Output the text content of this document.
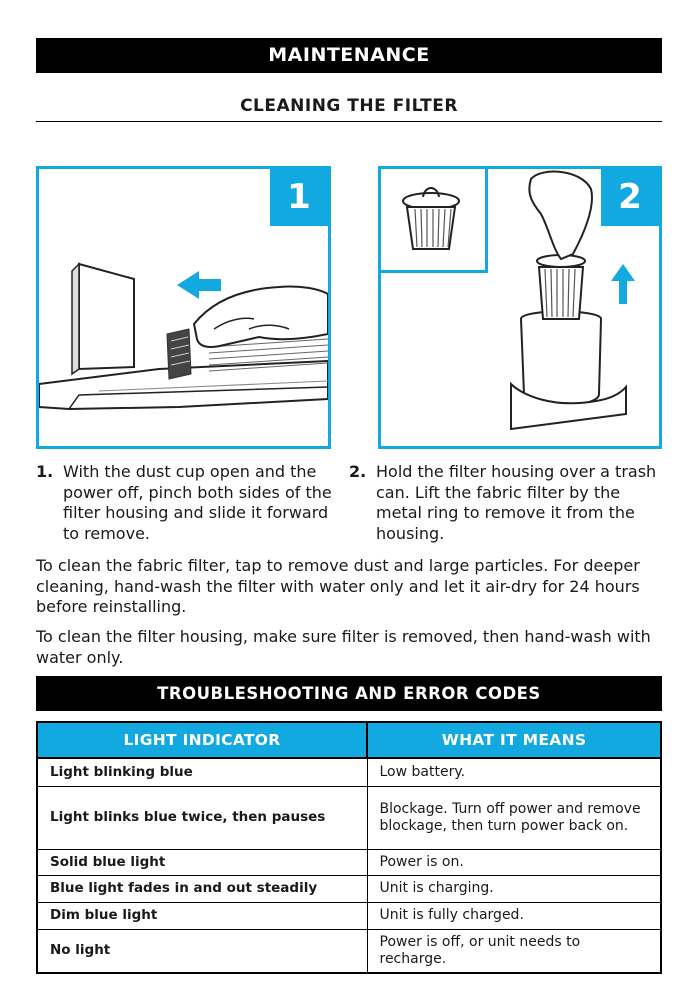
MAINTENANCE
CLEANING THE FILTER
1	2
1. With the dust cup open and the power off, pinch both sides of the filter housing and slide it forward to remove.
2. Hold the filter housing over a trash can. Lift the fabric filter by the metal ring to remove it from the housing.

To clean the fabric filter, tap to remove dust and large particles. For deeper cleaning, hand-wash the filter with water only and let it air-dry for 24 hours before reinstalling.

To clean the filter housing, make sure filter is removed, then hand-wash with water only.

TROUBLESHOOTING AND ERROR CODES
LIGHT INDICATOR	WHAT IT MEANS
Light blinking blue	Low battery.
Light blinks blue twice, then pauses	Blockage. Turn off power and remove blockage, then turn power back on.
Solid blue light	Power is on.
Blue light fades in and out steadily	Unit is charging.
Dim blue light	Unit is fully charged.
No light	Power is off, or unit needs to recharge.
